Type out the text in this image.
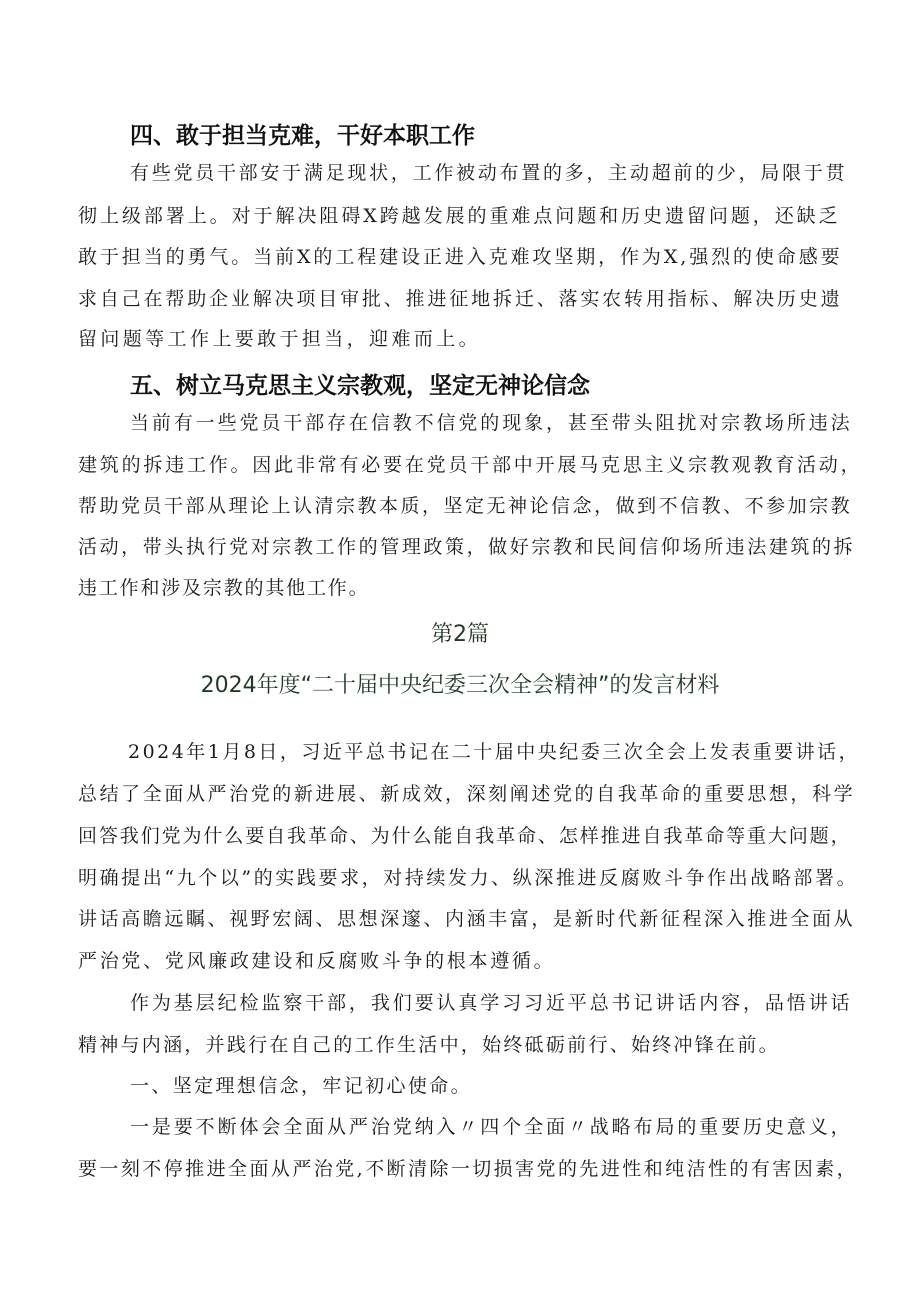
四、敢于担当克难，干好本职工作

有些党员干部安于满足现状，工作被动布置的多，主动超前的少，局限于贯

彻上级部署上。对于解决阻碍X跨越发展的重难点问题和历史遗留问题，还缺乏

敢于担当的勇气。当前X的工程建设正进入克难攻坚期，作为X,强烈的使命感要

求自己在帮助企业解决项目审批、推进征地拆迁、落实农转用指标、解决历史遗

留问题等工作上要敢于担当，迎难而上。

五、树立马克思主义宗教观，坚定无神论信念

当前有一些党员干部存在信教不信党的现象，甚至带头阻扰对宗教场所违法

建筑的拆违工作。因此非常有必要在党员干部中开展马克思主义宗教观教育活动，

帮助党员干部从理论上认清宗教本质，坚定无神论信念，做到不信教、不参加宗教

活动，带头执行党对宗教工作的管理政策，做好宗教和民间信仰场所违法建筑的拆

违工作和涉及宗教的其他工作。

第2篇
2024年度“二十届中央纪委三次全会精神”的发言材料

2024年1月8日，习近平总书记在二十届中央纪委三次全会上发表重要讲话，

总结了全面从严治党的新进展、新成效，深刻阐述党的自我革命的重要思想，科学

回答我们党为什么要自我革命、为什么能自我革命、怎样推进自我革命等重大问题，

明确提出“九个以”的实践要求，对持续发力、纵深推进反腐败斗争作出战略部署。

讲话高瞻远瞩、视野宏阔、思想深邃、内涵丰富，是新时代新征程深入推进全面从

严治党、党风廉政建设和反腐败斗争的根本遵循。

作为基层纪检监察干部，我们要认真学习习近平总书记讲话内容，品悟讲话

精神与内涵，并践行在自己的工作生活中，始终砥砺前行、始终冲锋在前。

一、坚定理想信念，牢记初心使命。

一是要不断体会全面从严治党纳入〃四个全面〃战略布局的重要历史意义，

要一刻不停推进全面从严治党,不断清除一切损害党的先进性和纯洁性的有害因素，
